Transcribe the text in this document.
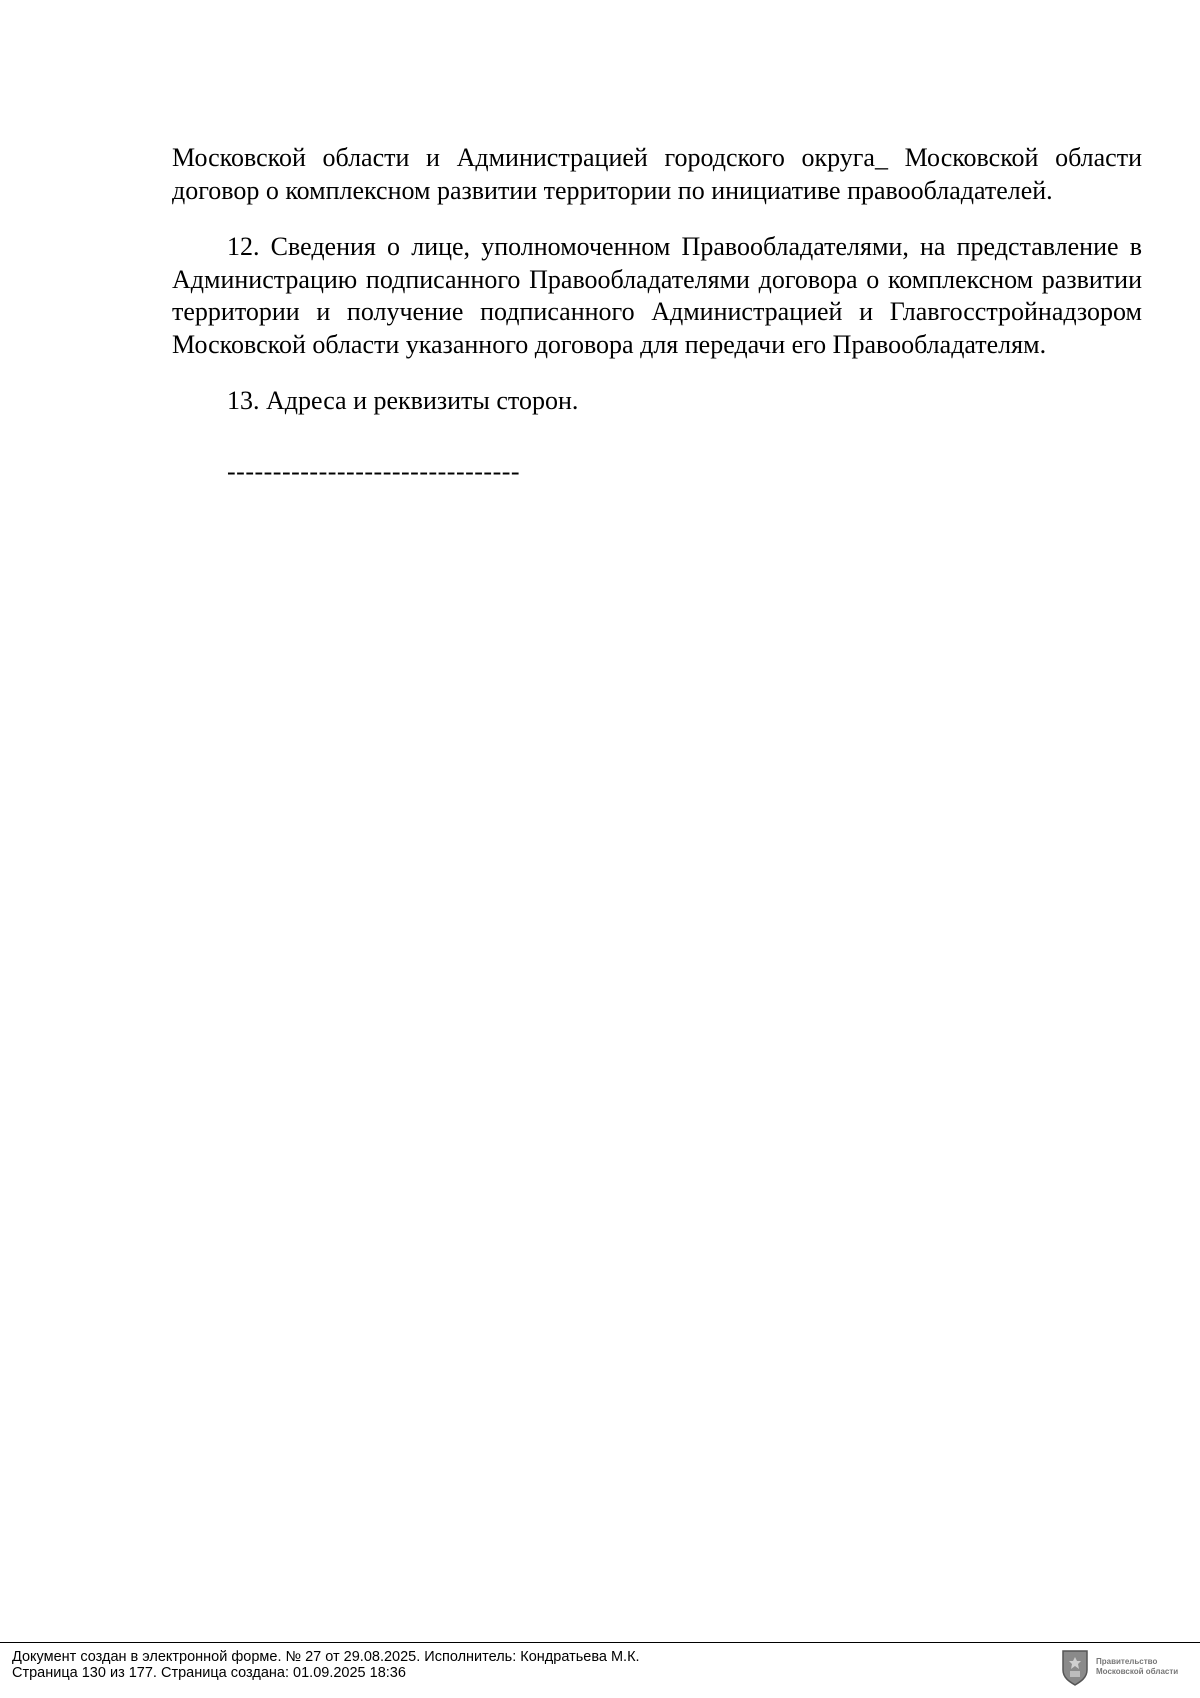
Московской области и Администрацией городского округа_ Московской области договор о комплексном развитии территории по инициативе правообладателей.

12. Сведения о лице, уполномоченном Правообладателями, на представление в Администрацию подписанного Правообладателями договора о комплексном развитии территории и получение подписанного Администрацией и Главгосстройнадзором Московской области указанного договора для передачи его Правообладателям.

13. Адреса и реквизиты сторон.

--------------------------------
Документ создан в электронной форме. № 27 от 29.08.2025. Исполнитель: Кондратьева М.К.
Страница 130 из 177. Страница создана: 01.09.2025 18:36
Правительство
Московской области
